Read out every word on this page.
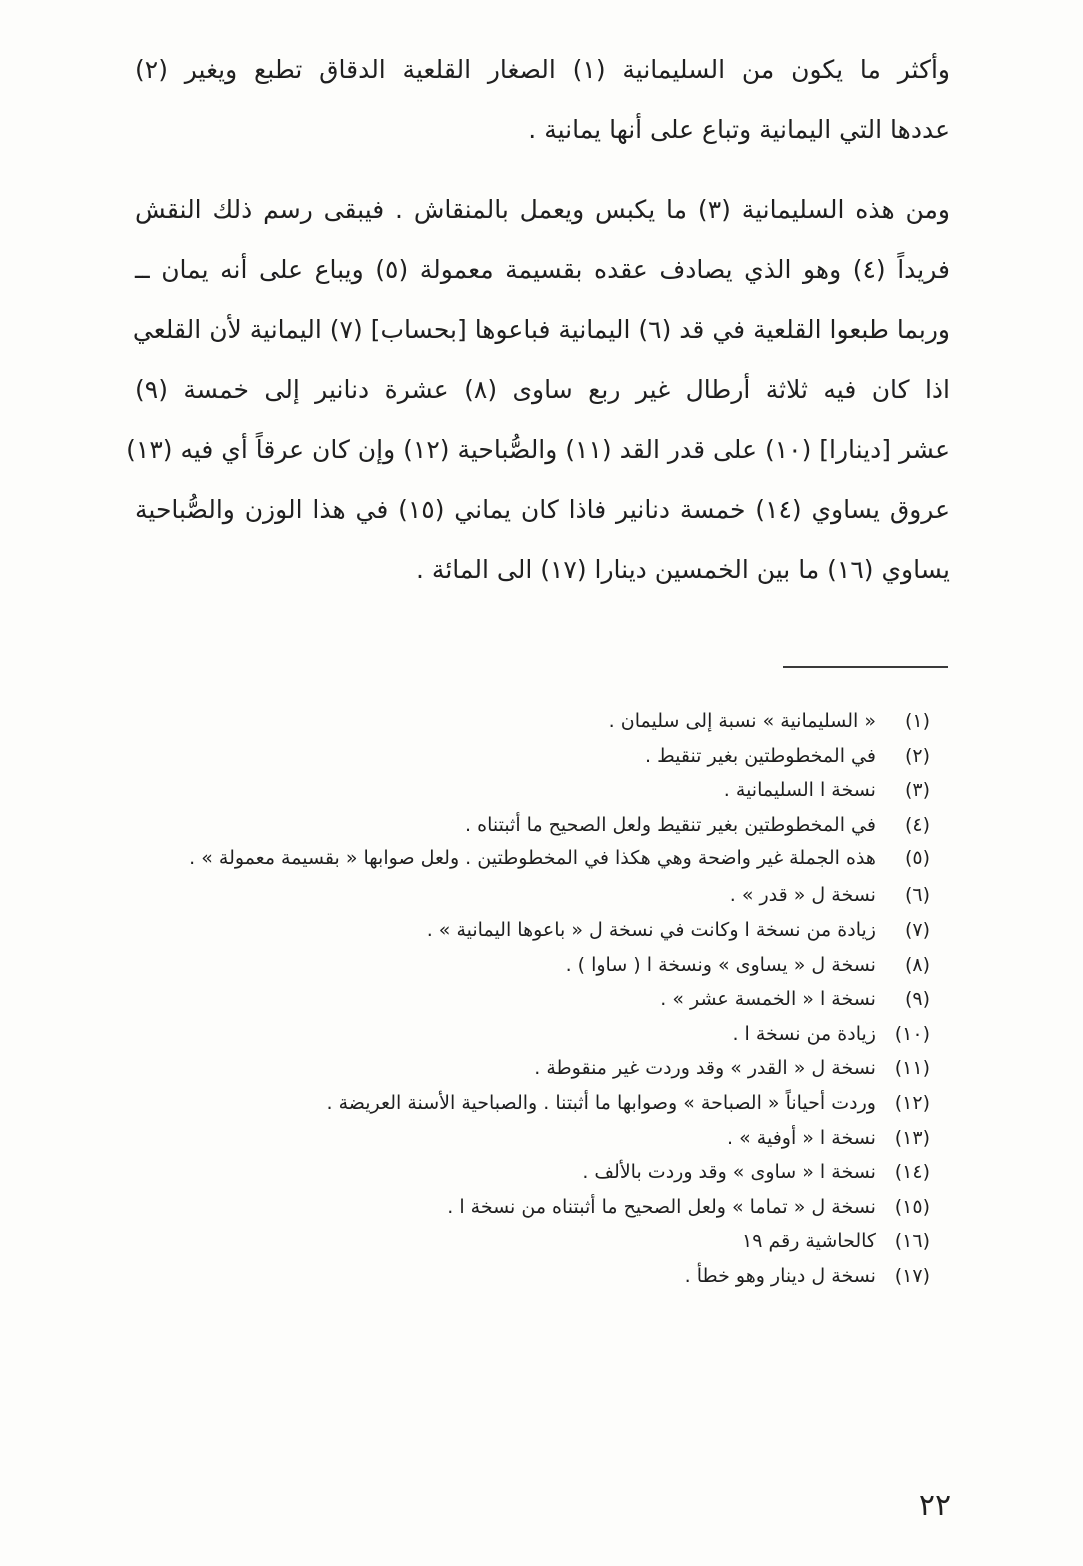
وأكثر ما يكون من السليمانية (١) الصغار القلعية الدقاق تطبع ويغير (٢)
عددها التي اليمانية وتباع على أنها يمانية .
ومن هذه السليمانية (٣) ما يكبس ويعمل بالمنقاش . فيبقى رسم ذلك النقش
فريداً (٤) وهو الذي يصادف عقده بقسيمة معمولة (٥) ويباع على أنه يمان ــ
وربما طبعوا القلعية في قد (٦) اليمانية فباعوها [بحساب] (٧) اليمانية لأن القلعي
اذا كان فيه ثلاثة أرطال غير ربع ساوى (٨) عشرة دنانير إلى خمسة (٩)
عشر [دينارا] (١٠) على قدر القد (١١) والصُّباحية (١٢) وإن كان عرقاً أي فيه (١٣)
عروق يساوي (١٤) خمسة دنانير فاذا كان يماني (١٥) في هذا الوزن والصُّباحية
يساوي (١٦) ما بين الخمسين دينارا (١٧) الى المائة .
(١) « السليمانية » نسبة إلى سليمان .
(٢) في المخطوطتين بغير تنقيط .
(٣) نسخة ا السليمانية .
(٤) في المخطوطتين بغير تنقيط ولعل الصحيح ما أثبتناه .
(٥) هذه الجملة غير واضحة وهي هكذا في المخطوطتين . ولعل صوابها « بقسيمة معمولة » .
(٦) نسخة ل « قدر » .
(٧) زيادة من نسخة ا وكانت في نسخة ل « باعوها اليمانية » .
(٨) نسخة ل « يساوى » ونسخة ا ( ساوا ) .
(٩) نسخة ا « الخمسة عشر » .
(١٠) زيادة من نسخة ا .
(١١) نسخة ل « القدر » وقد وردت غير منقوطة .
(١٢) وردت أحياناً « الصباحة » وصوابها ما أثبتنا . والصباحية الأسنة العريضة .
(١٣) نسخة ا « أوفية » .
(١٤) نسخة ا « ساوى » وقد وردت بالألف .
(١٥) نسخة ل « تماما » ولعل الصحيح ما أثبتناه من نسخة ا .
(١٦) كالحاشية رقم ١٩
(١٧) نسخة ل دينار وهو خطأ .
٢٢
